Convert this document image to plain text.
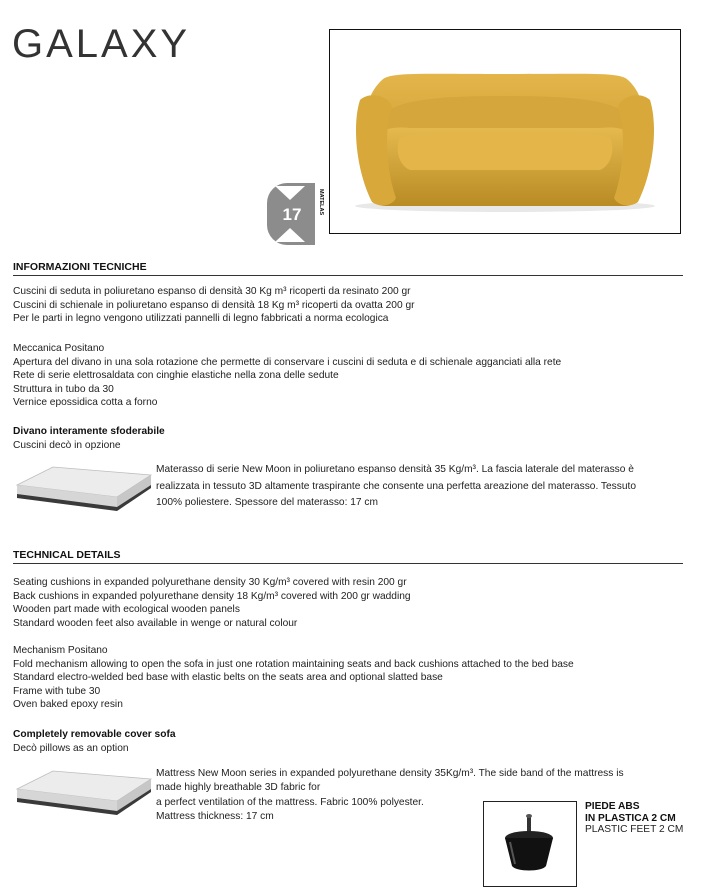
GALAXY
17	MATELAS
INFORMAZIONI TECNICHE
Cuscini di seduta in poliuretano espanso di densità 30 Kg m³ ricoperti da resinato 200 gr
Cuscini di schienale in poliuretano espanso di densità 18 Kg m³ ricoperti da ovatta 200 gr
Per le parti in legno vengono utilizzati pannelli di legno fabbricati a norma ecologica
Meccanica Positano
Apertura del divano in una sola rotazione che permette di conservare i cuscini di seduta e di schienale agganciati alla rete
Rete di serie elettrosaldata con cinghie elastiche nella zona delle sedute
Struttura in tubo da 30
Vernice epossidica cotta a forno
Divano interamente sfoderabile
Cuscini decò in opzione
Materasso di serie New Moon in poliuretano espanso densità 35 Kg/m³. La fascia laterale del materasso è
realizzata in tessuto 3D altamente traspirante che consente una perfetta areazione del materasso. Tessuto
100% poliestere. Spessore del materasso: 17 cm
TECHNICAL DETAILS
Seating cushions in expanded polyurethane density 30 Kg/m³ covered with resin 200 gr
Back cushions in expanded polyurethane density 18 Kg/m³ covered with 200 gr wadding
Wooden part made with ecological wooden panels
Standard wooden feet also available in wenge or natural colour
Mechanism Positano
Fold mechanism allowing to open the sofa in just one rotation maintaining seats and back cushions attached to the bed base
Standard electro-welded bed base with elastic belts on the seats area and optional slatted base
Frame with tube 30
Oven baked epoxy resin
Completely removable cover sofa
Decò pillows as an option
Mattress New Moon series in expanded polyurethane density 35Kg/m³. The side band of the mattress is
made highly breathable 3D fabric for
a perfect ventilation of the mattress. Fabric 100% polyester.
Mattress thickness: 17 cm
PIEDE ABS
IN PLASTICA 2 CM
PLASTIC FEET 2 CM
